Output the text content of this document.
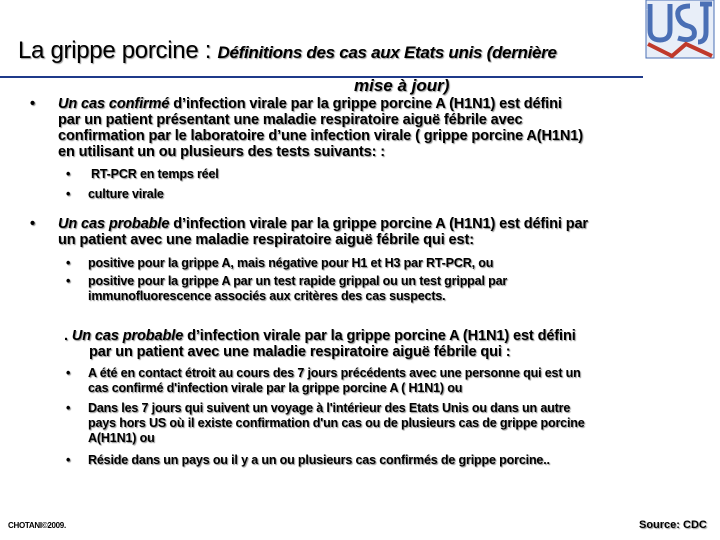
USJ
La grippe porcine : Définitions des cas aux Etats unis (dernière
mise à jour)
• Un cas confirmé d’infection virale par la grippe porcine A (H1N1) est défini
par un patient présentant une maladie respiratoire aiguë fébrile avec
confirmation par le laboratoire d’une infection virale ( grippe porcine A(H1N1)
en utilisant un ou plusieurs des tests suivants: :
• RT-PCR en temps réel
• culture virale
• Un cas probable d’infection virale par la grippe porcine A (H1N1) est défini par
un patient avec une maladie respiratoire aiguë fébrile qui est:
• positive pour la grippe A, mais négative pour H1 et H3 par RT-PCR, ou
• positive pour la grippe A par un test rapide grippal ou un test grippal par
immunofluorescence associés aux critères des cas suspects.
. Un cas probable d’infection virale par la grippe porcine A (H1N1) est défini
par un patient avec une maladie respiratoire aiguë fébrile qui :
• A été en contact étroit au cours des 7 jours précédents avec une personne qui est un
cas confirmé d'infection virale par la grippe porcine A ( H1N1) ou
• Dans les 7 jours qui suivent un voyage à l'intérieur des Etats Unis ou dans un autre
pays hors US où il existe confirmation d'un cas ou de plusieurs cas de grippe porcine
A(H1N1) ou
• Réside dans un pays ou il y a un ou plusieurs cas confirmés de grippe porcine..
CHOTANI©2009.	Source: CDC
